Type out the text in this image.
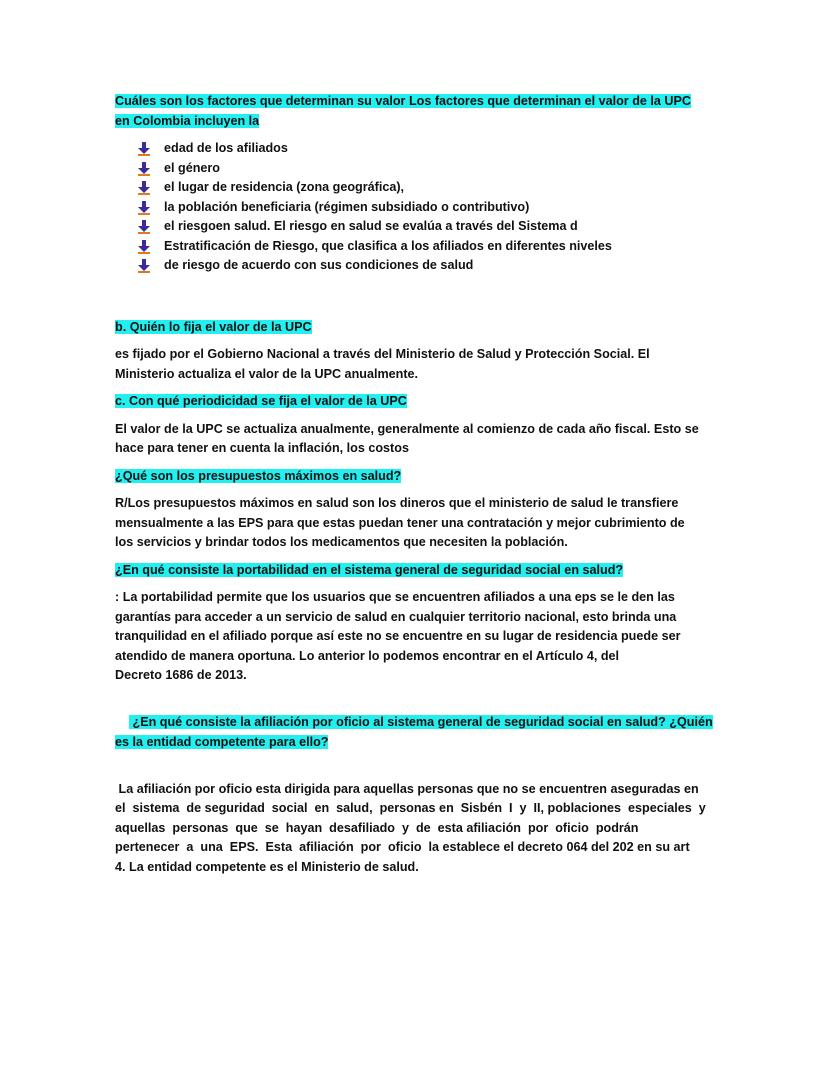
Cuáles son los factores que determinan su valor Los factores que determinan el valor de la UPC
en Colombia incluyen la

edad de los afiliados
el género
el lugar de residencia (zona geográfica),
la población beneficiaria (régimen subsidiado o contributivo)
el riesgoen salud. El riesgo en salud se evalúa a través del Sistema d
Estratificación de Riesgo, que clasifica a los afiliados en diferentes niveles
de riesgo de acuerdo con sus condiciones de salud

b. Quién lo fija el valor de la UPC

es fijado por el Gobierno Nacional a través del Ministerio de Salud y Protección Social. El
Ministerio actualiza el valor de la UPC anualmente.

c. Con qué periodicidad se fija el valor de la UPC

El valor de la UPC se actualiza anualmente, generalmente al comienzo de cada año fiscal. Esto se
hace para tener en cuenta la inflación, los costos

¿Qué son los presupuestos máximos en salud?

R/Los presupuestos máximos en salud son los dineros que el ministerio de salud le transfiere
mensualmente a las EPS para que estas puedan tener una contratación y mejor cubrimiento de
los servicios y brindar todos los medicamentos que necesiten la población.

¿En qué consiste la portabilidad en el sistema general de seguridad social en salud?

: La portabilidad permite que los usuarios que se encuentren afiliados a una eps se le den las
garantías para acceder a un servicio de salud en cualquier territorio nacional, esto brinda una
tranquilidad en el afiliado porque así este no se encuentre en su lugar de residencia puede ser
atendido de manera oportuna. Lo anterior lo podemos encontrar en el Artículo 4, del
Decreto 1686 de 2013.

¿En qué consiste la afiliación por oficio al sistema general de seguridad social en salud? ¿Quién
es la entidad competente para ello?

La afiliación por oficio esta dirigida para aquellas personas que no se encuentren aseguradas en
el  sistema  de seguridad  social  en  salud,  personas en  Sisbén  I  y  II, poblaciones  especiales  y
aquellas  personas  que  se  hayan  desafiliado  y  de  esta afiliación  por  oficio  podrán
pertenecer  a  una  EPS.  Esta  afiliación  por  oficio  la establece el decreto 064 del 202 en su art
4. La entidad competente es el Ministerio de salud.
